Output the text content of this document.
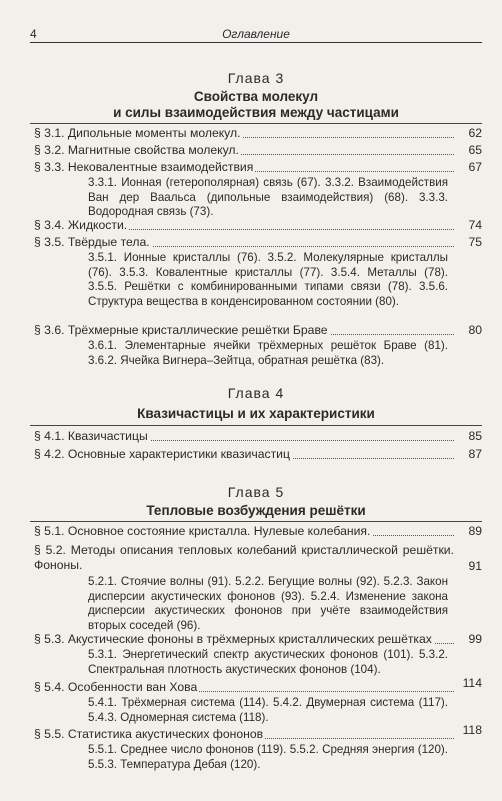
4	Оглавление
Глава 3
Свойства молекул
и силы взаимодействия между частицами
§ 3.1. Дипольные моменты молекул.	62
§ 3.2. Магнитные свойства молекул.	65
§ 3.3. Нековалентные взаимодействия	67
3.3.1. Ионная (гетерополярная) связь (67). 3.3.2. Взаимодействия Ван дер Ваальса (дипольные взаимодействия) (68). 3.3.3. Водородная связь (73).
§ 3.4. Жидкости.	74
§ 3.5. Твёрдые тела.	75
3.5.1. Ионные кристаллы (76). 3.5.2. Молекулярные кристаллы (76). 3.5.3. Ковалентные кристаллы (77). 3.5.4. Металлы (78). 3.5.5. Решётки с комбинированными типами связи (78). 3.5.6. Структура вещества в конденсированном состоянии (80).
§ 3.6. Трёхмерные кристаллические решётки Браве	80
3.6.1. Элементарные ячейки трёхмерных решёток Браве (81). 3.6.2. Ячейка Вигнера–Зейтца, обратная решётка (83).
Глава 4
Квазичастицы и их характеристики
§ 4.1. Квазичастицы	85
§ 4.2. Основные характеристики квазичастиц	87
Глава 5
Тепловые возбуждения решётки
§ 5.1. Основное состояние кристалла. Нулевые колебания.	89
§ 5.2. Методы описания тепловых колебаний кристаллической решётки. Фононы.	91
5.2.1. Стоячие волны (91). 5.2.2. Бегущие волны (92). 5.2.3. Закон дисперсии акустических фононов (93). 5.2.4. Изменение закона дисперсии акустических фононов при учёте взаимодействия вторых соседей (96).
§ 5.3. Акустические фононы в трёхмерных кристаллических решётках	99
5.3.1. Энергетический спектр акустических фононов (101). 5.3.2. Спектральная плотность акустических фононов (104).
§ 5.4. Особенности ван Хова	114
5.4.1. Трёхмерная система (114). 5.4.2. Двумерная система (117). 5.4.3. Одномерная система (118).
§ 5.5. Статистика акустических фононов	118
5.5.1. Среднее число фононов (119). 5.5.2. Средняя энергия (120). 5.5.3. Температура Дебая (120).
